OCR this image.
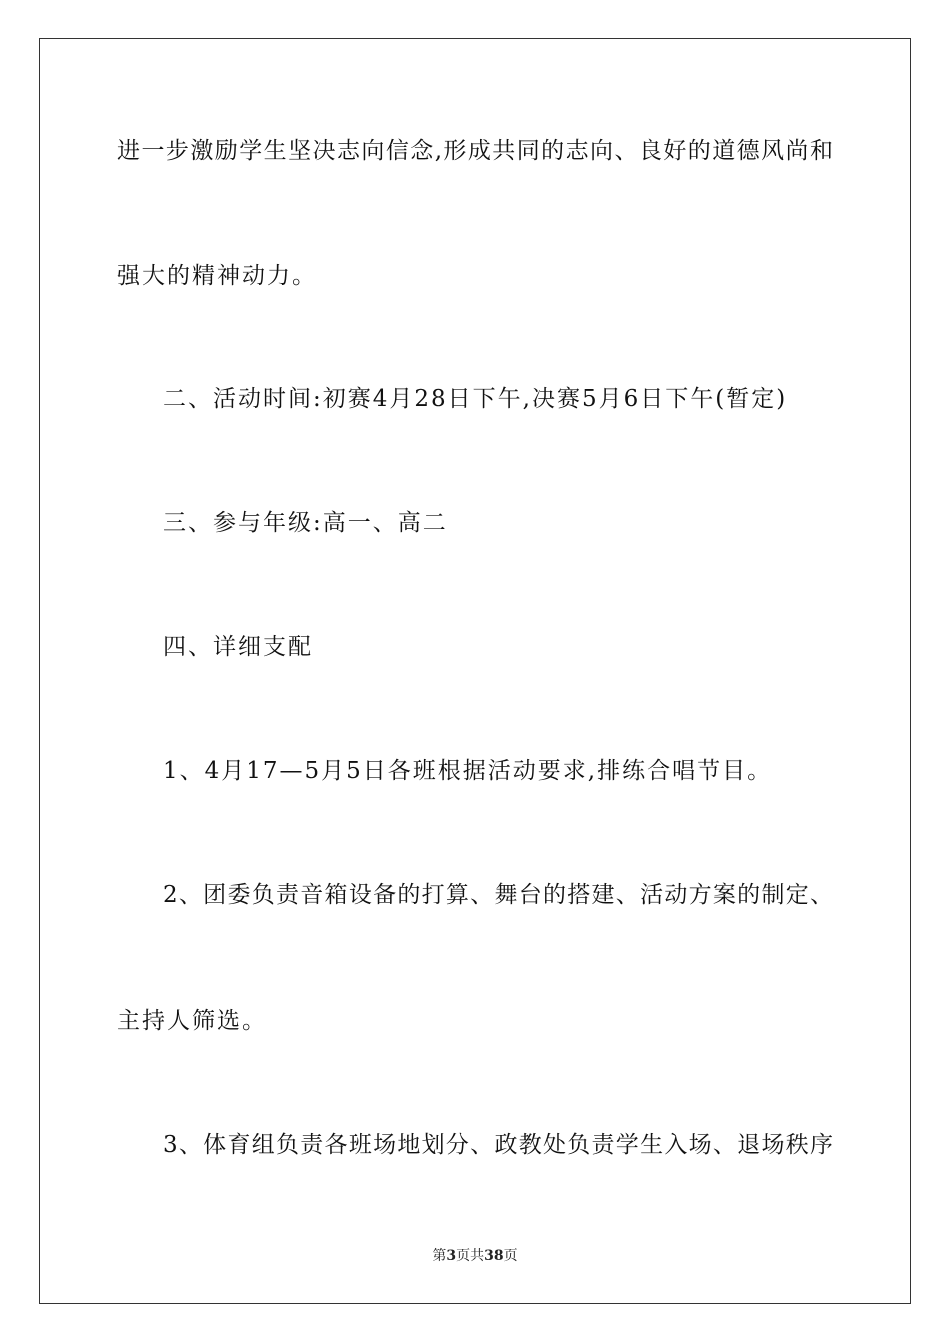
进一步激励学生坚决志向信念,形成共同的志向、良好的道德风尚和
强大的精神动力。
二、活动时间:初赛4月28日下午,决赛5月6日下午(暂定)
三、参与年级:高一、高二
四、详细支配
1、4月17—5月5日各班根据活动要求,排练合唱节目。
2、团委负责音箱设备的打算、舞台的搭建、活动方案的制定、
主持人筛选。
3、体育组负责各班场地划分、政教处负责学生入场、退场秩序
第3页共38页
